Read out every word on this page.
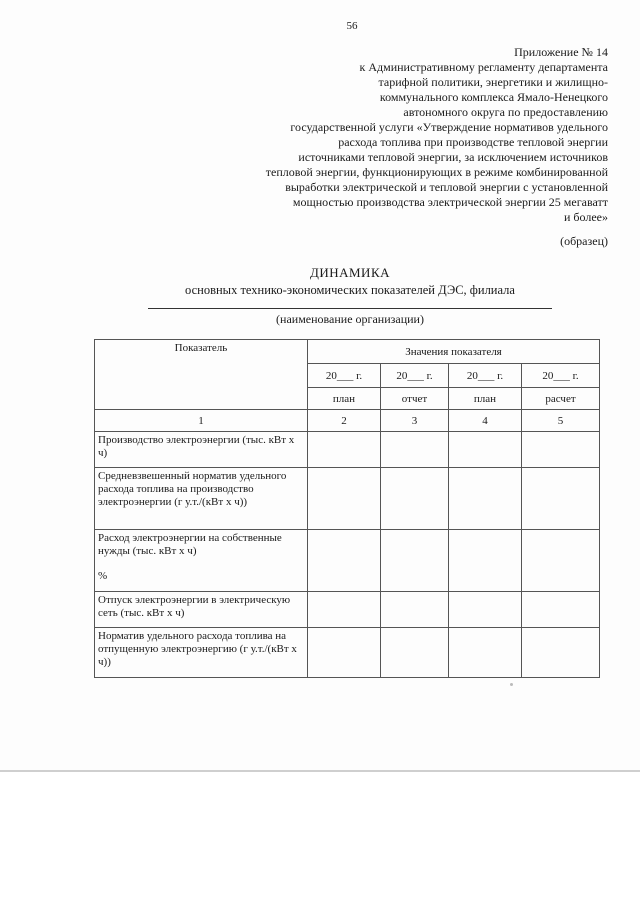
56
Приложение № 14
к Административному регламенту департамента
тарифной политики, энергетики и жилищно-
коммунального комплекса Ямало-Ненецкого
автономного округа по предоставлению
государственной услуги «Утверждение нормативов удельного
расхода топлива при производстве тепловой энергии
источниками тепловой энергии, за исключением источников
тепловой энергии, функционирующих в режиме комбинированной
выработки электрической и тепловой энергии с установленной
мощностью производства электрической энергии 25 мегаватт
и более»
(образец)
ДИНАМИКА
основных технико-экономических показателей ДЭС, филиала
(наименование организации)
Показатель	Значения показателя			
	20___ г.	20___ г.	20___ г.	20___ г.
	план	отчет	план	расчет
1	2	3	4	5
Производство электроэнергии (тыс. кВт х ч)				
Средневзвешенный норматив удельного расхода топлива на производство электроэнергии (г у.т./(кВт х ч))				
Расход электроэнергии на собственные нужды (тыс. кВт х ч)
%				

Отпуск электроэнергии в электрическую сеть (тыс. кВт х ч)				
Норматив удельного расхода топлива на отпущенную электроэнергию (г у.т./(кВт х ч))				
